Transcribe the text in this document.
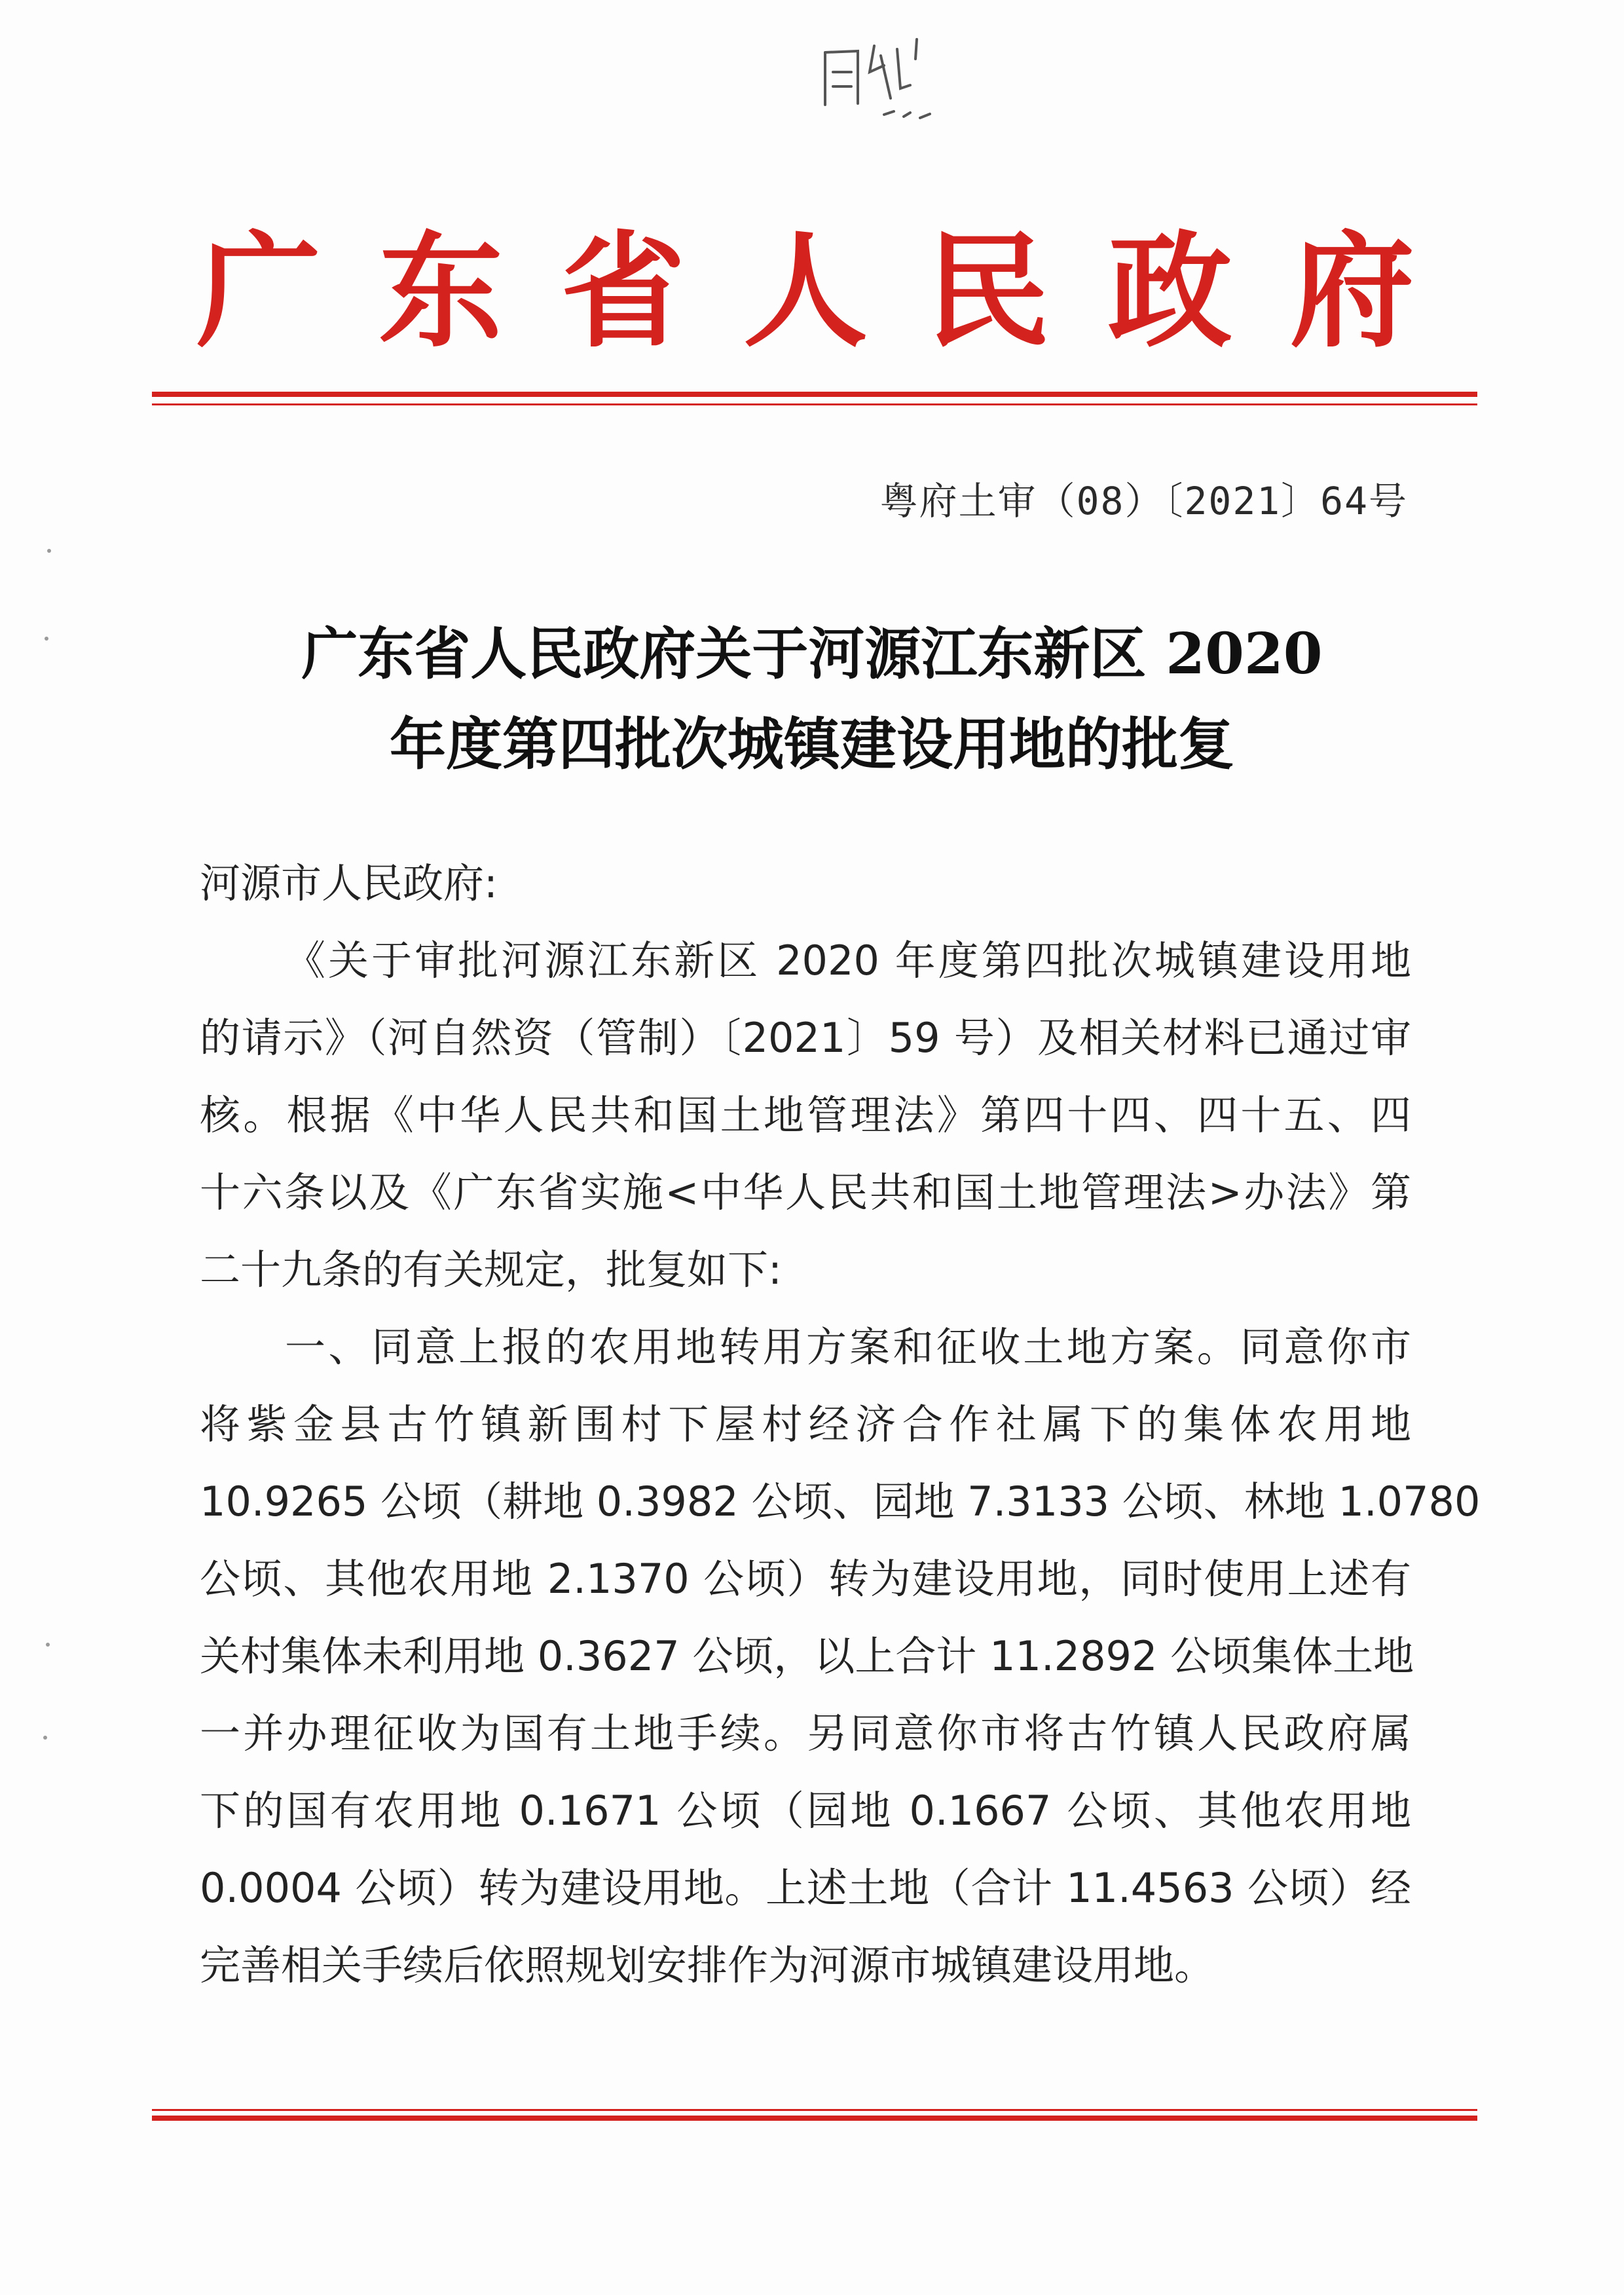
广 东 省 人 民 政 府
粤府土审（08）〔2021〕64号
广东省人民政府关于河源江东新区 2020
年度第四批次城镇建设用地的批复
河源市人民政府:
《关于审批河源江东新区 2020 年度第四批次城镇建设用地
的请示》（河自然资（管制）〔2021〕59 号）及相关材料已通过审
核。根据《中华人民共和国土地管理法》第四十四、四十五、四
十六条以及《广东省实施<中华人民共和国土地管理法>办法》第
二十九条的有关规定，批复如下:
一、同意上报的农用地转用方案和征收土地方案。同意你市
将紫金县古竹镇新围村下屋村经济合作社属下的集体农用地
10.9265 公顷（耕地 0.3982 公顷、园地 7.3133 公顷、林地 1.0780
公顷、其他农用地 2.1370 公顷）转为建设用地，同时使用上述有
关村集体未利用地 0.3627 公顷，以上合计 11.2892 公顷集体土地
一并办理征收为国有土地手续。另同意你市将古竹镇人民政府属
下的国有农用地 0.1671 公顷（园地 0.1667 公顷、其他农用地
0.0004 公顷）转为建设用地。上述土地（合计 11.4563 公顷）经
完善相关手续后依照规划安排作为河源市城镇建设用地。
